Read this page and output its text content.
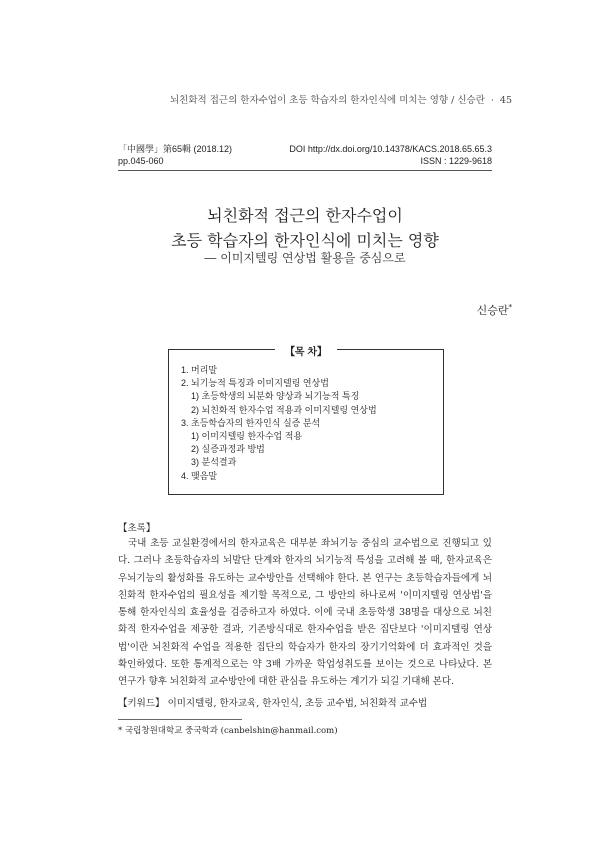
뇌친화적 접근의 한자수업이 초등 학습자의 한자인식에 미치는 영향 / 신승란 · 45
「中國學」第65輯 (2018.12)	DOI http://dx.doi.org/10.14378/KACS.2018.65.65.3
pp.045-060	ISSN : 1229-9618
뇌친화적 접근의 한자수업이
초등 학습자의 한자인식에 미치는 영향
― 이미지텔링 연상법 활용을 중심으로
신승란*
【목 차】
1. 머리말
2. 뇌기능적 특징과 이미지텔링 연상법
1) 초등학생의 뇌분화 양상과 뇌기능적 특징
2) 뇌친화적 한자수업 적용과 이미지텔링 연상법
3. 초등학습자의 한자인식 실증 분석
1) 이미지텔링 한자수업 적용
2) 실증과정과 방법
3) 분석결과
4. 맺음말
【초록】
국내 초등 교실환경에서의 한자교육은 대부분 좌뇌기능 중심의 교수법으로 진행되고 있다. 그러나 초등학습자의 뇌발단 단계와 한자의 뇌기능적 특성을 고려해 볼 때, 한자교육은 우뇌기능의 활성화를 유도하는 교수방안을 선택해야 한다. 본 연구는 초등학습자들에게 뇌친화적 한자수업의 필요성을 제기할 목적으로, 그 방안의 하나로써 '이미지텔링 연상법'을 통해 한자인식의 효율성을 검증하고자 하였다. 이에 국내 초등학생 38명을 대상으로 뇌친화적 한자수업을 제공한 결과, 기존방식대로 한자수업을 받은 집단보다 '이미지텔링 연상법'이란 뇌친화적 수업을 적용한 집단의 학습자가 한자의 장기기억화에 더 효과적인 것을 확인하였다. 또한 통계적으로는 약 3배 가까운 학업성취도를 보이는 것으로 나타났다. 본 연구가 향후 뇌친화적 교수방안에 대한 관심을 유도하는 계기가 되길 기대해 본다.
【키워드】 이미지텔링, 한자교육, 한자인식, 초등 교수법, 뇌친화적 교수법
* 국립창원대학교 중국학과 (canbelshin@hanmail.com)
